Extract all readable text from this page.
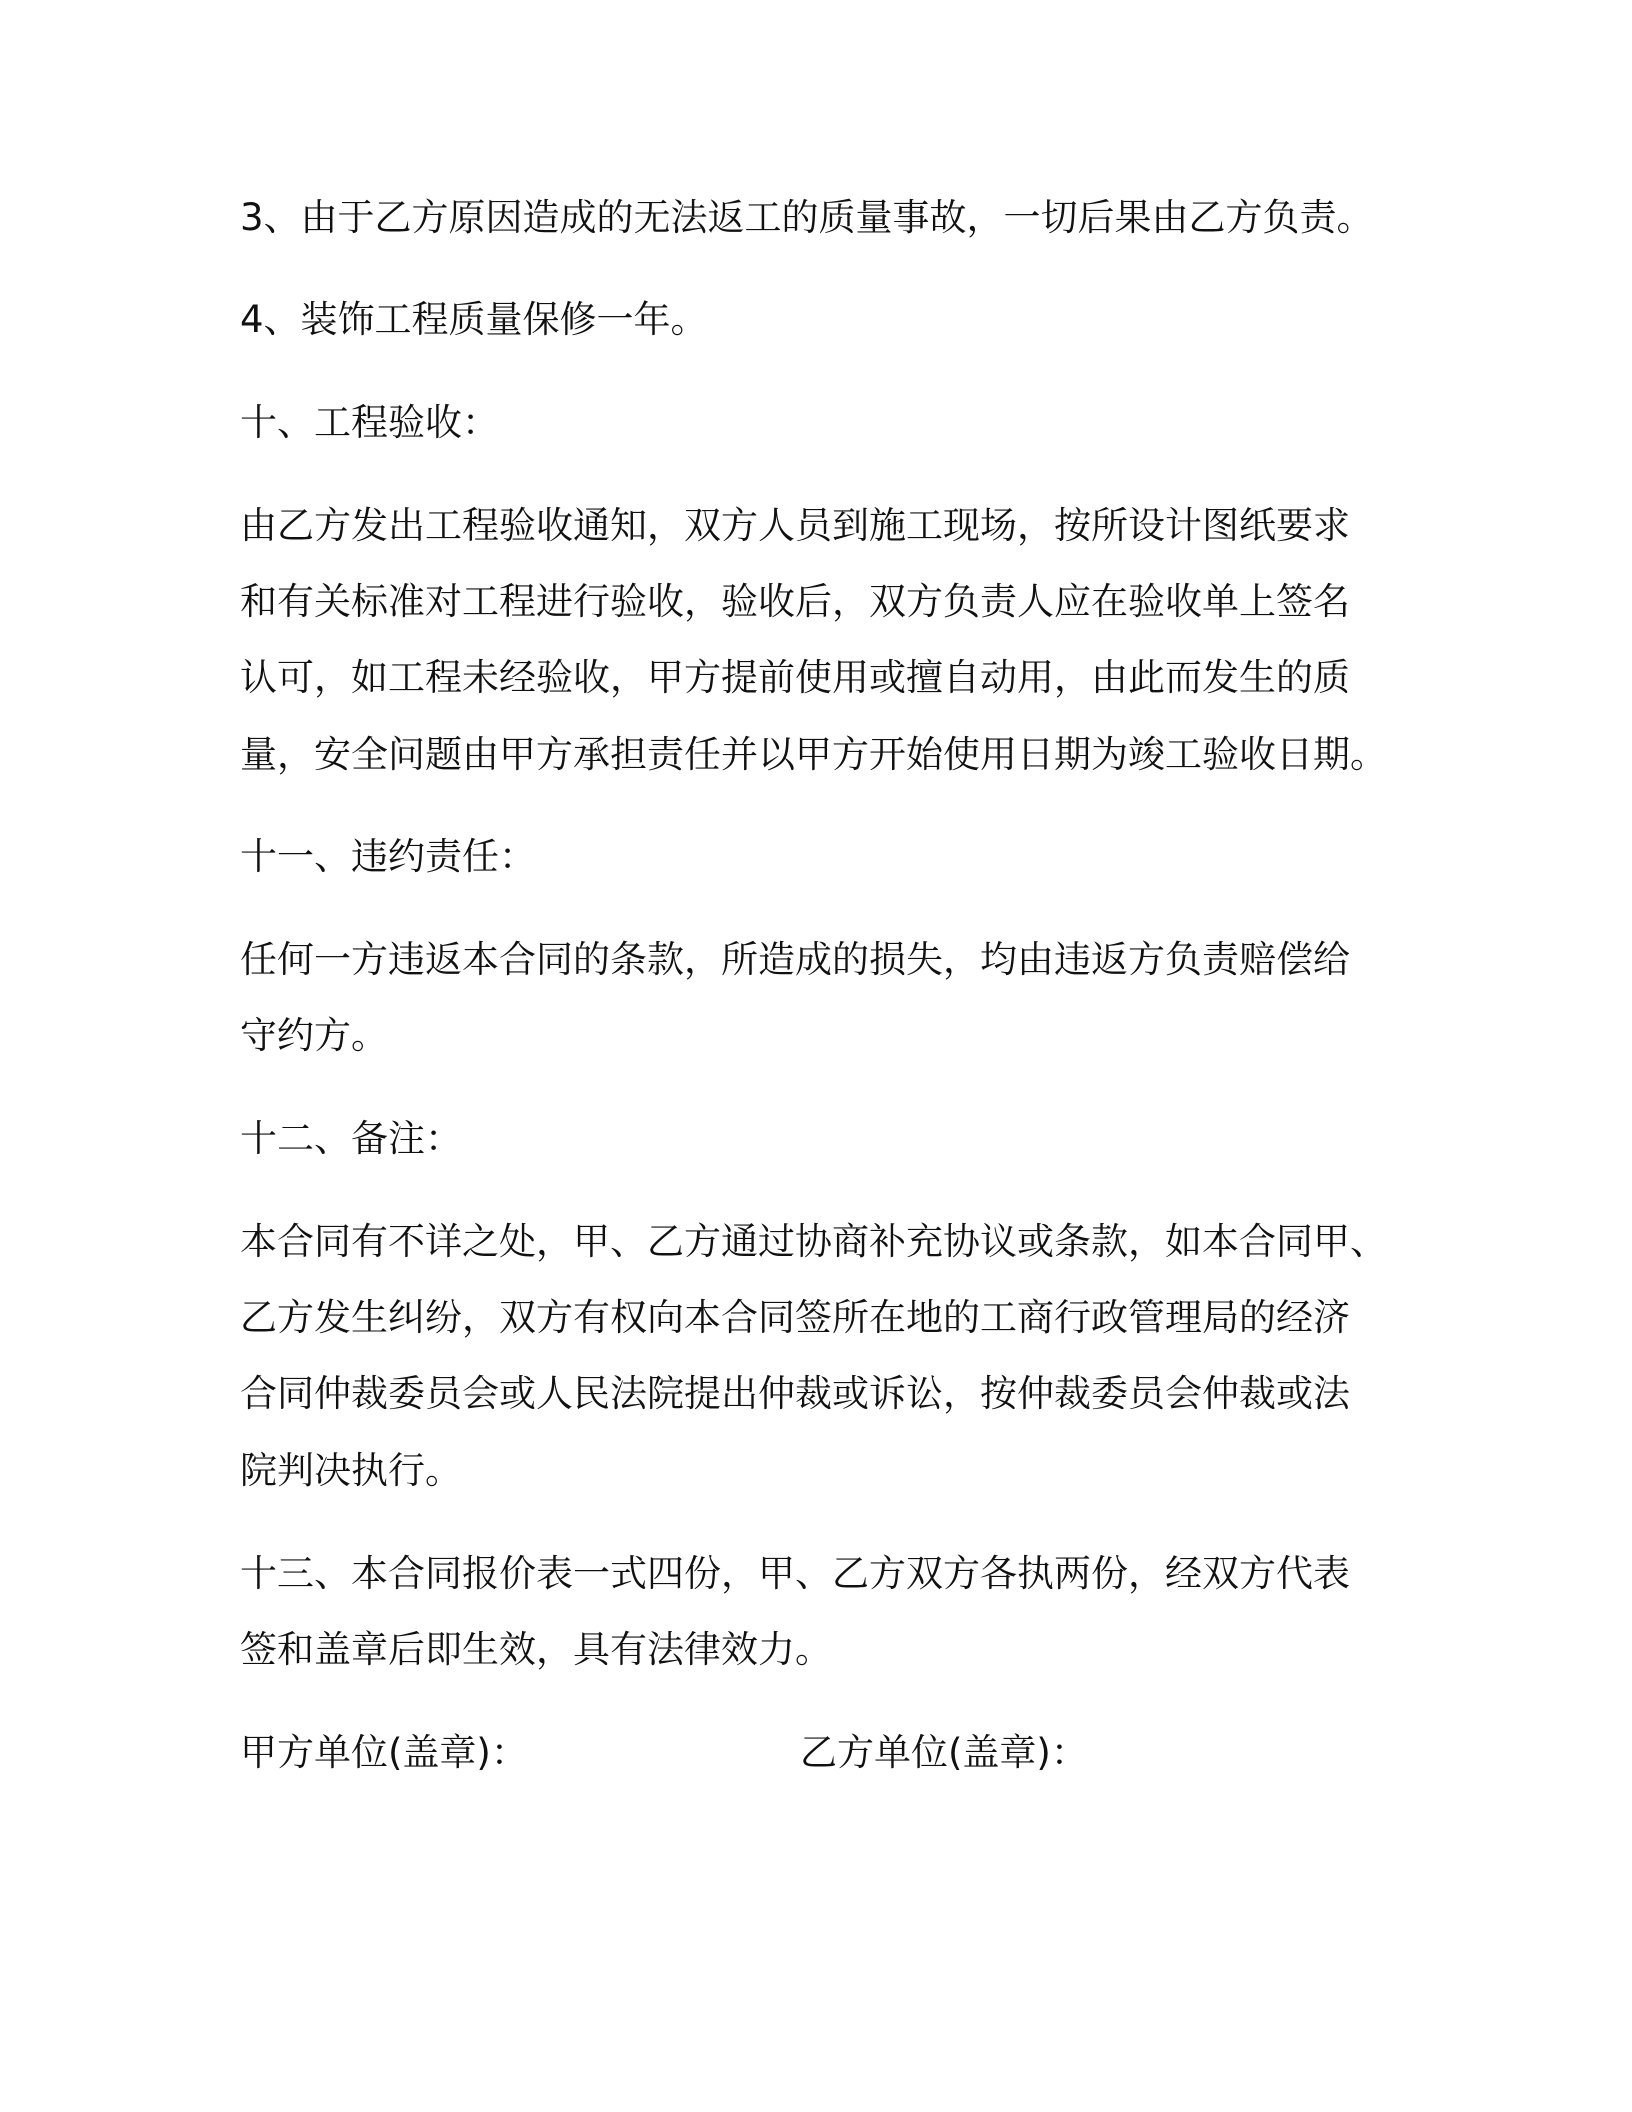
3、由于乙方原因造成的无法返工的质量事故，一切后果由乙方负责。
4、装饰工程质量保修一年。
十、工程验收：
由乙方发出工程验收通知，双方人员到施工现场，按所设计图纸要求
和有关标准对工程进行验收，验收后，双方负责人应在验收单上签名
认可，如工程未经验收，甲方提前使用或擅自动用，由此而发生的质
量，安全问题由甲方承担责任并以甲方开始使用日期为竣工验收日期。
十一、违约责任：
任何一方违返本合同的条款，所造成的损失，均由违返方负责赔偿给
守约方。
十二、备注：
本合同有不详之处，甲、乙方通过协商补充协议或条款，如本合同甲、
乙方发生纠纷，双方有权向本合同签所在地的工商行政管理局的经济
合同仲裁委员会或人民法院提出仲裁或诉讼，按仲裁委员会仲裁或法
院判决执行。
十三、本合同报价表一式四份，甲、乙方双方各执两份，经双方代表
签和盖章后即生效，具有法律效力。
甲方单位(盖章)：	乙方单位(盖章)：
